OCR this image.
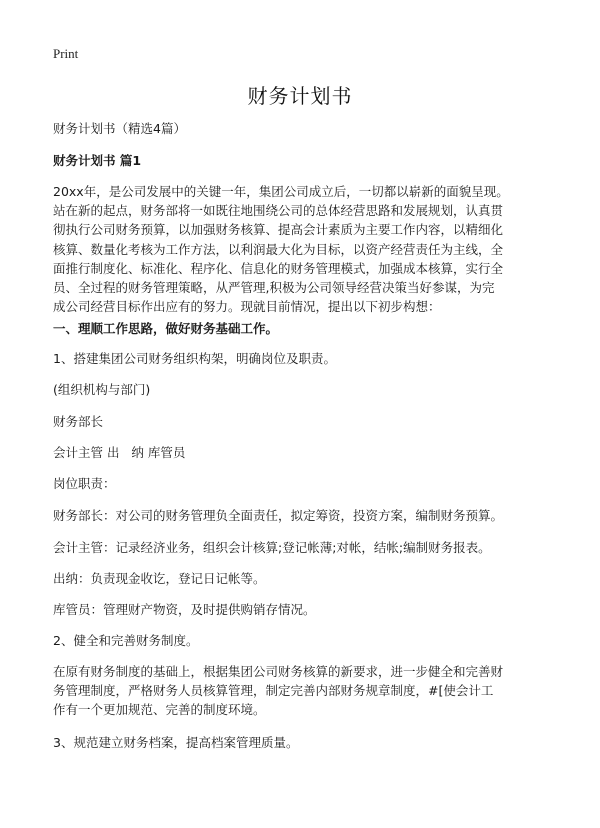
Print
财务计划书
财务计划书（精选4篇）
财务计划书 篇1
20xx年，是公司发展中的关键一年，集团公司成立后，一切都以崭新的面貌呈现。
站在新的起点，财务部将一如既往地围绕公司的总体经营思路和发展规划，认真贯
彻执行公司财务预算，以加强财务核算、提高会计素质为主要工作内容，以精细化
核算、数量化考核为工作方法，以利润最大化为目标，以资产经营责任为主线，全
面推行制度化、标准化、程序化、信息化的财务管理模式，加强成本核算，实行全
员、全过程的财务管理策略，从严管理,积极为公司领导经营决策当好参谋，为完
成公司经营目标作出应有的努力。现就目前情况，提出以下初步构想：
一、理顺工作思路，做好财务基础工作。
1、搭建集团公司财务组织构架，明确岗位及职责。
(组织机构与部门)
财务部长
会计主管 出   纳 库管员
岗位职责：
财务部长：对公司的财务管理负全面责任，拟定筹资，投资方案，编制财务预算。
会计主管：记录经济业务，组织会计核算;登记帐薄;对帐，结帐;编制财务报表。
出纳：负责现金收讫，登记日记帐等。
库管员：管理财产物资，及时提供购销存情况。
2、健全和完善财务制度。
在原有财务制度的基础上，根据集团公司财务核算的新要求，进一步健全和完善财
务管理制度，严格财务人员核算管理，制定完善内部财务规章制度，#[使会计工
作有一个更加规范、完善的制度环境。
3、规范建立财务档案，提高档案管理质量。
